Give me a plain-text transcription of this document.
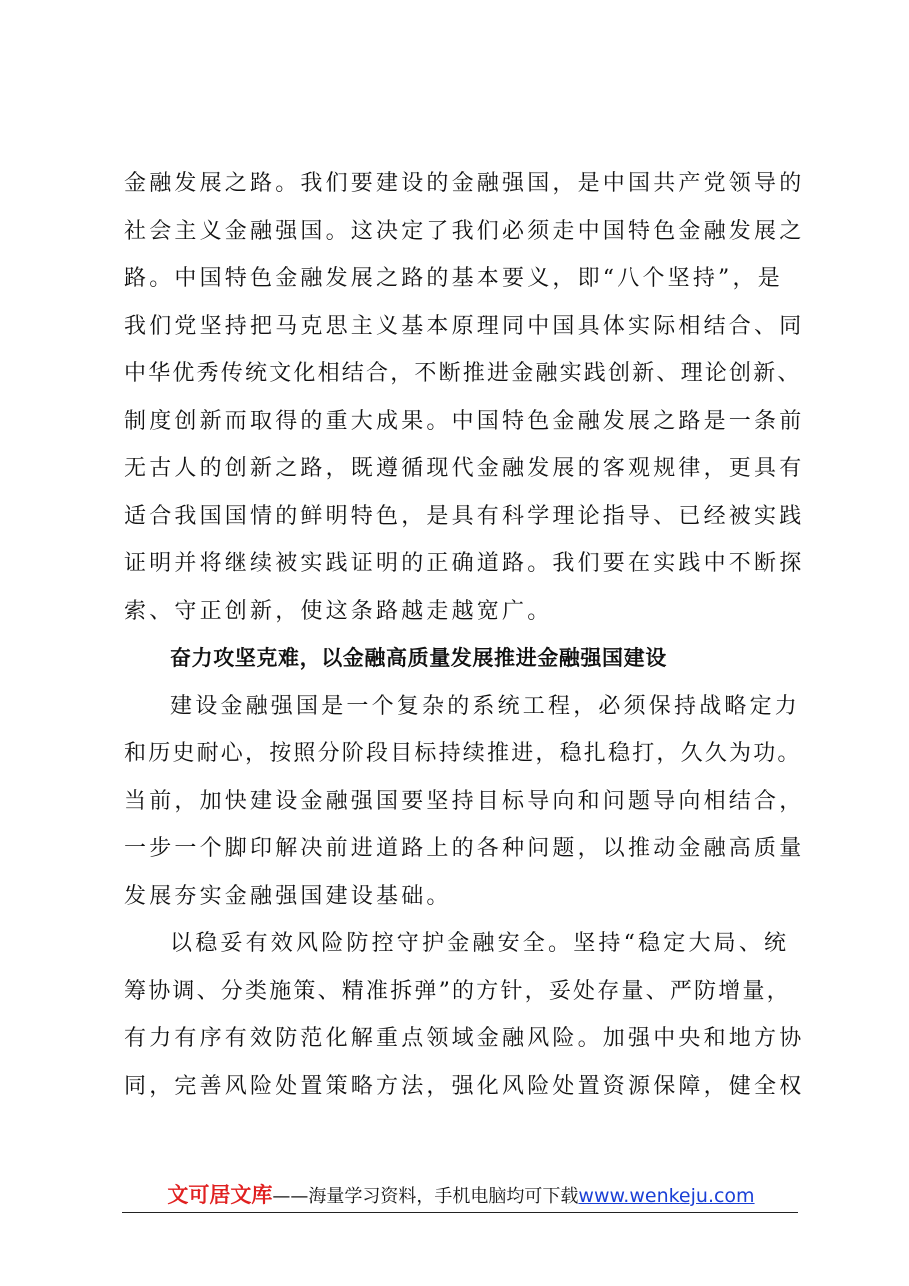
金融发展之路。我们要建设的金融强国，是中国共产党领导的
社会主义金融强国。这决定了我们必须走中国特色金融发展之
路。中国特色金融发展之路的基本要义，即“八个坚持”，是
我们党坚持把马克思主义基本原理同中国具体实际相结合、同
中华优秀传统文化相结合，不断推进金融实践创新、理论创新、
制度创新而取得的重大成果。中国特色金融发展之路是一条前
无古人的创新之路，既遵循现代金融发展的客观规律，更具有
适合我国国情的鲜明特色，是具有科学理论指导、已经被实践
证明并将继续被实践证明的正确道路。我们要在实践中不断探
索、守正创新，使这条路越走越宽广。
奋力攻坚克难，以金融高质量发展推进金融强国建设
建设金融强国是一个复杂的系统工程，必须保持战略定力
和历史耐心，按照分阶段目标持续推进，稳扎稳打，久久为功。
当前，加快建设金融强国要坚持目标导向和问题导向相结合，
一步一个脚印解决前进道路上的各种问题，以推动金融高质量
发展夯实金融强国建设基础。
以稳妥有效风险防控守护金融安全。坚持“稳定大局、统
筹协调、分类施策、精准拆弹”的方针，妥处存量、严防增量，
有力有序有效防范化解重点领域金融风险。加强中央和地方协
同，完善风险处置策略方法，强化风险处置资源保障，健全权
文可居文库——海量学习资料，手机电脑均可下载www.wenkeju.com
